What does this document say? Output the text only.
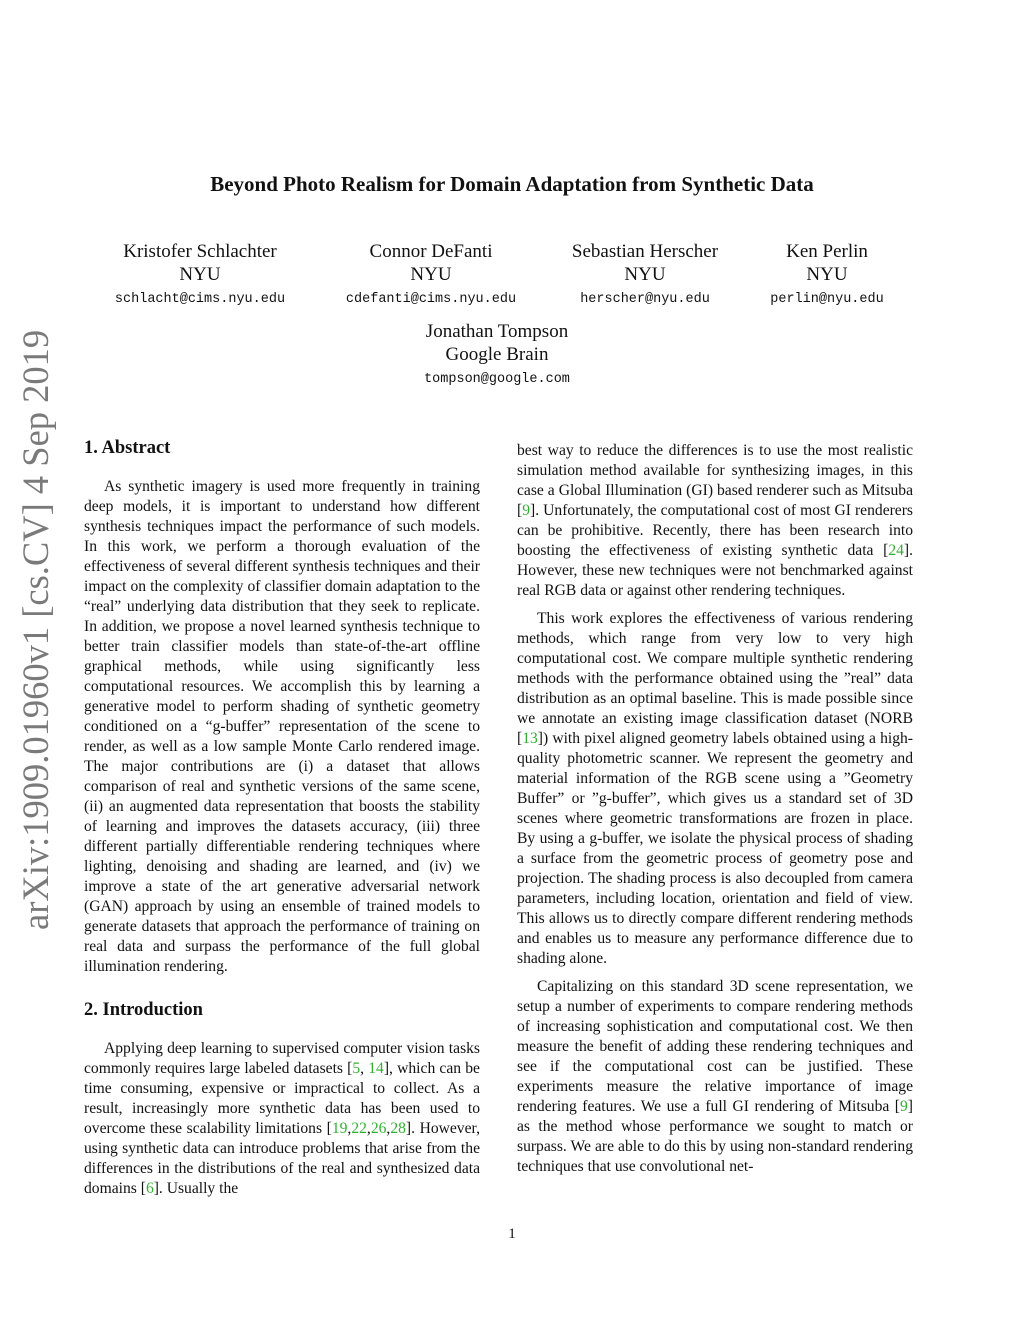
arXiv:1909.01960v1 [cs.CV] 4 Sep 2019
Beyond Photo Realism for Domain Adaptation from Synthetic Data
Kristofer Schlachter
NYU
schlacht@cims.nyu.edu
Connor DeFanti
NYU
cdefanti@cims.nyu.edu
Sebastian Herscher
NYU
herscher@nyu.edu
Ken Perlin
NYU
perlin@nyu.edu
Jonathan Tompson
Google Brain
tompson@google.com
1. Abstract

As synthetic imagery is used more frequently in training deep models, it is important to understand how different synthesis techniques impact the performance of such models. In this work, we perform a thorough evaluation of the effectiveness of several different synthesis techniques and their impact on the complexity of classifier domain adaptation to the “real” underlying data distribution that they seek to replicate. In addition, we propose a novel learned synthesis technique to better train classifier models than state-of-the-art offline graphical methods, while using significantly less computational resources. We accomplish this by learning a generative model to perform shading of synthetic geometry conditioned on a “g-buffer” representation of the scene to render, as well as a low sample Monte Carlo rendered image. The major contributions are (i) a dataset that allows comparison of real and synthetic versions of the same scene, (ii) an augmented data representation that boosts the stability of learning and improves the datasets accuracy, (iii) three different partially differentiable rendering techniques where lighting, denoising and shading are learned, and (iv) we improve a state of the art generative adversarial network (GAN) approach by using an ensemble of trained models to generate datasets that approach the performance of training on real data and surpass the performance of the full global illumination rendering.

2. Introduction

Applying deep learning to supervised computer vision tasks commonly requires large labeled datasets [5, 14], which can be time consuming, expensive or impractical to collect. As a result, increasingly more synthetic data has been used to overcome these scalability limitations [19,22,26,28]. However, using synthetic data can introduce problems that arise from the differences in the distributions of the real and synthesized data domains [6]. Usually the

best way to reduce the differences is to use the most realistic simulation method available for synthesizing images, in this case a Global Illumination (GI) based renderer such as Mitsuba [9]. Unfortunately, the computational cost of most GI renderers can be prohibitive. Recently, there has been research into boosting the effectiveness of existing synthetic data [24]. However, these new techniques were not benchmarked against real RGB data or against other rendering techniques.

This work explores the effectiveness of various rendering methods, which range from very low to very high computational cost. We compare multiple synthetic rendering methods with the performance obtained using the ”real” data distribution as an optimal baseline. This is made possible since we annotate an existing image classification dataset (NORB [13]) with pixel aligned geometry labels obtained using a high-quality photometric scanner. We represent the geometry and material information of the RGB scene using a ”Geometry Buffer” or ”g-buffer”, which gives us a standard set of 3D scenes where geometric transformations are frozen in place. By using a g-buffer, we isolate the physical process of shading a surface from the geometric process of geometry pose and projection. The shading process is also decoupled from camera parameters, including location, orientation and field of view. This allows us to directly compare different rendering methods and enables us to measure any performance difference due to shading alone.

Capitalizing on this standard 3D scene representation, we setup a number of experiments to compare rendering methods of increasing sophistication and computational cost. We then measure the benefit of adding these rendering techniques and see if the computational cost can be justified. These experiments measure the relative importance of image rendering features. We use a full GI rendering of Mitsuba [9] as the method whose performance we sought to match or surpass. We are able to do this by using non-standard rendering techniques that use convolutional net-

1
